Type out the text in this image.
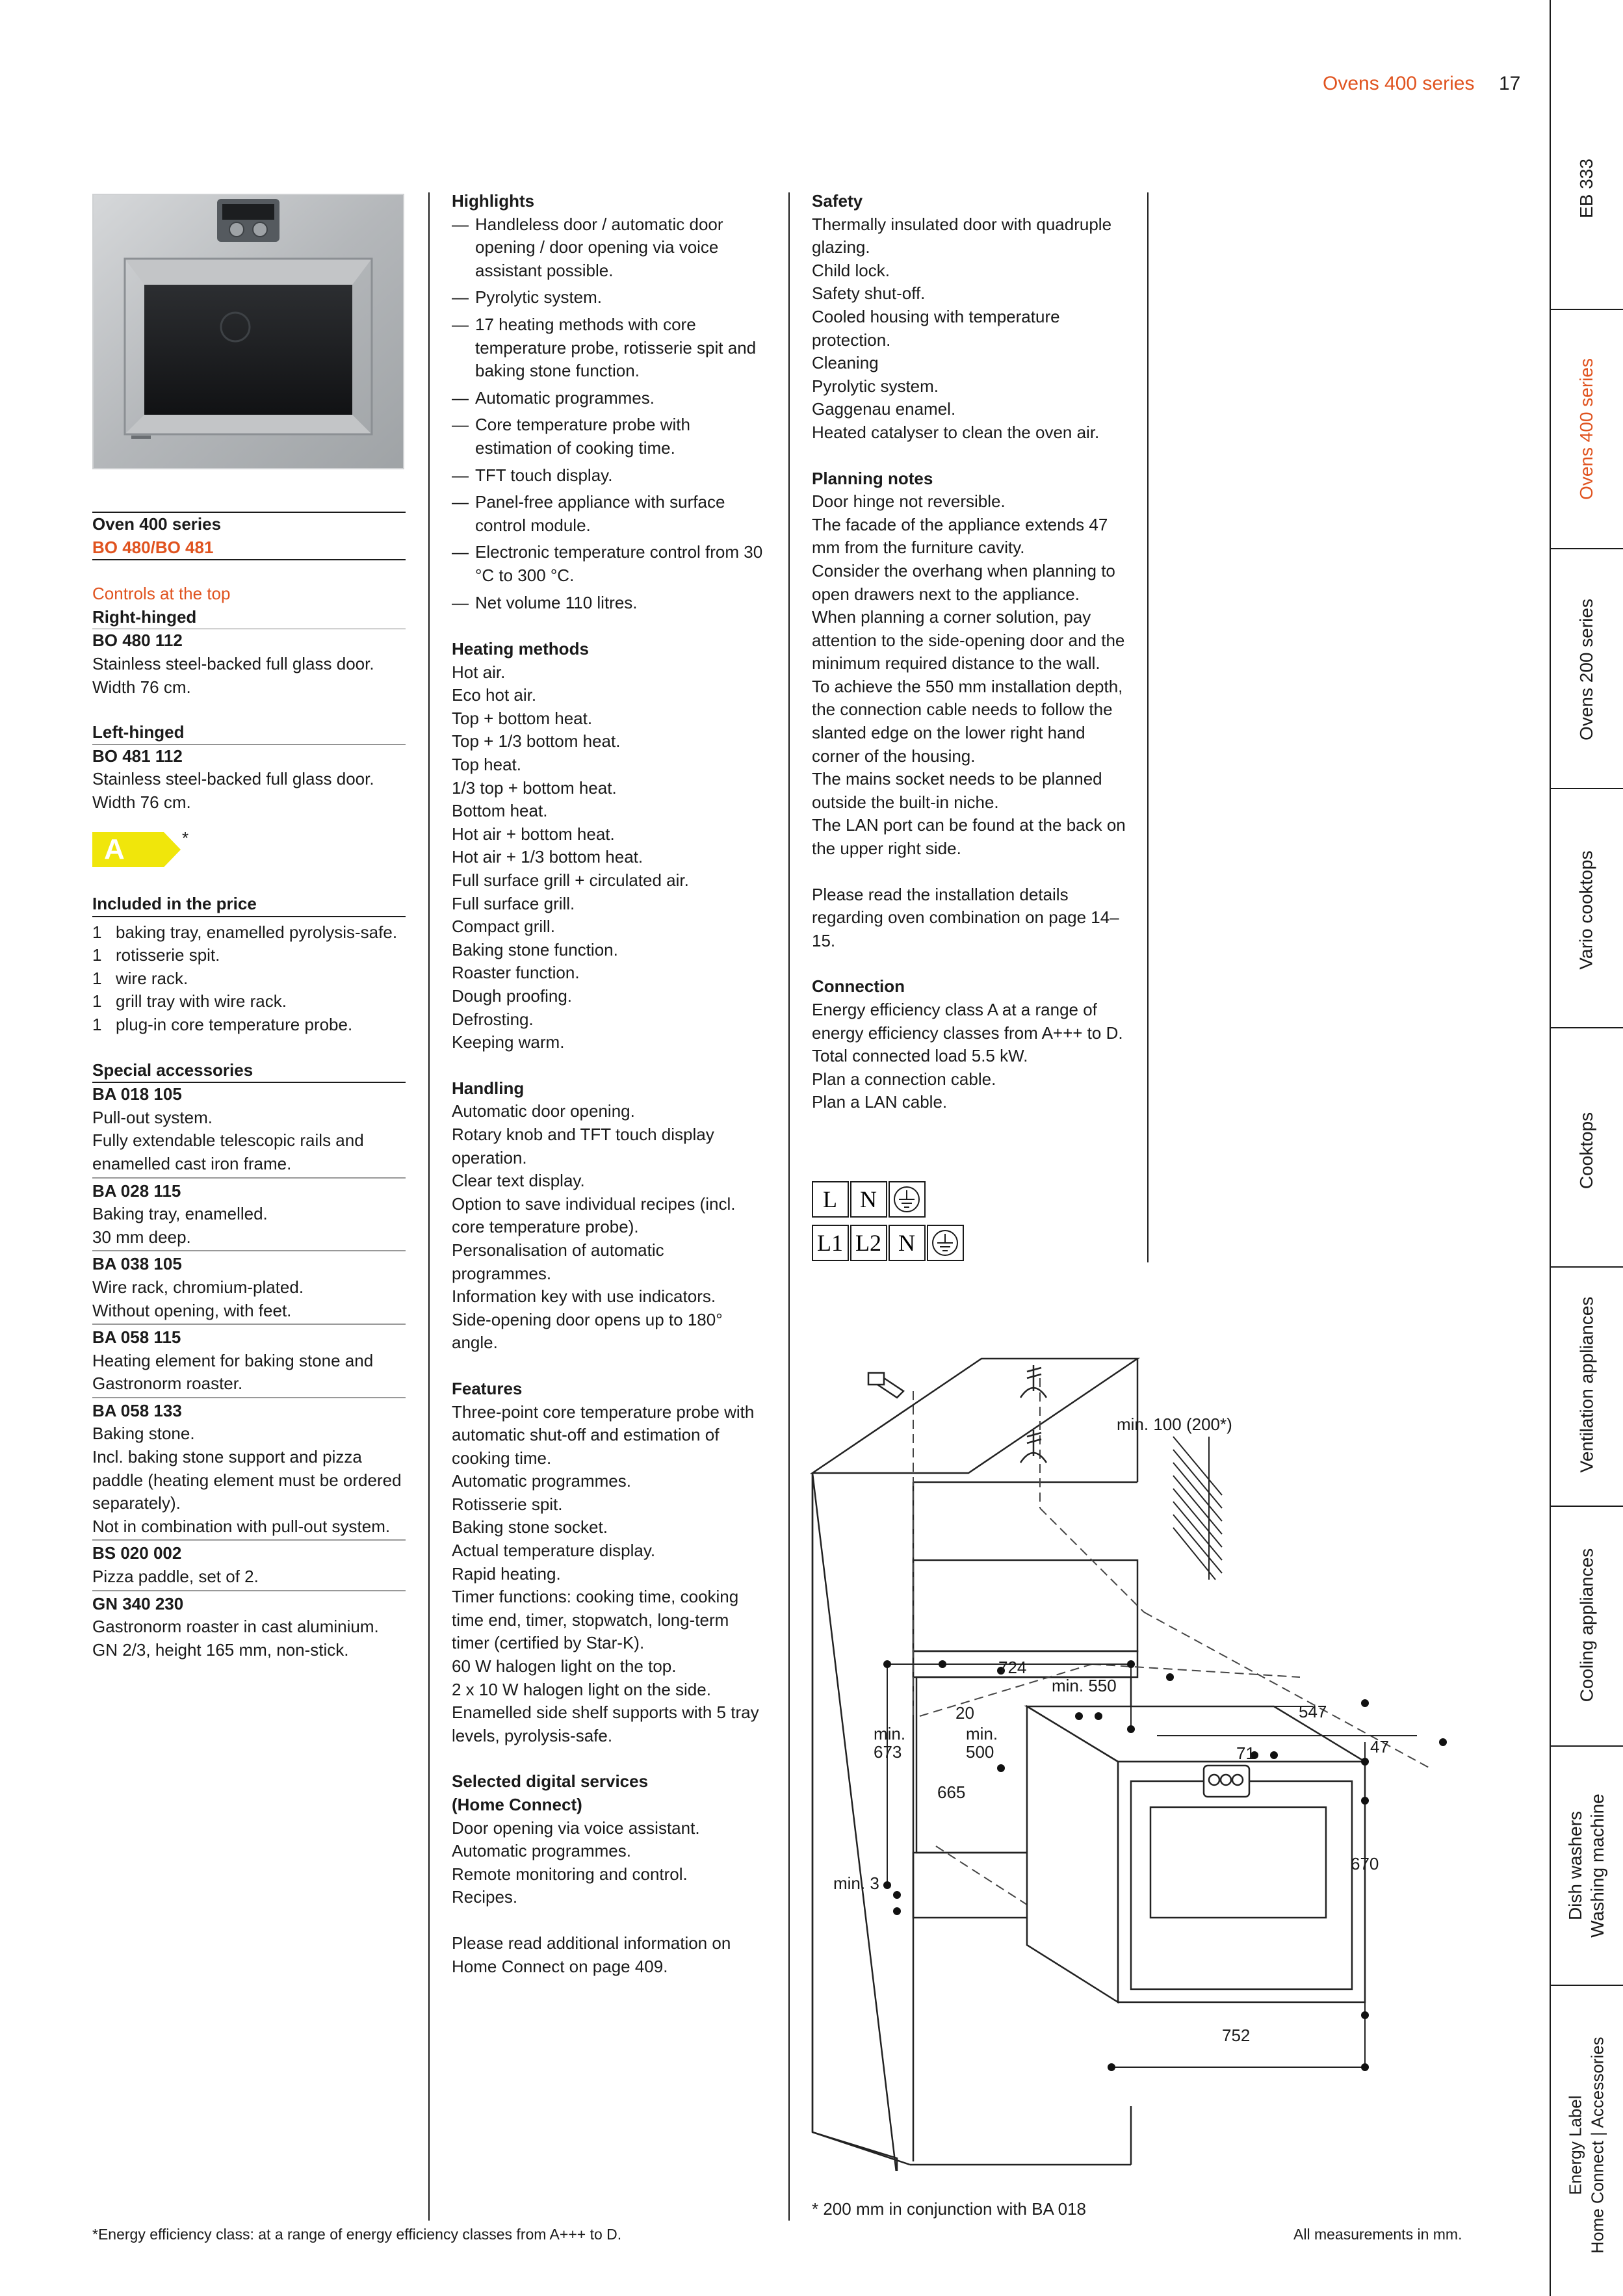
Ovens 400 series 17
EB 333
Ovens 400 series
Ovens 200 series
Vario cooktops
Cooktops
Ventilation appliances
Cooling appliances
Dish washers Washing machine
Energy Label Home Connect | Accessories

Oven 400 series

BO 480/BO 481

Controls at the top

Right-hinged

BO 480 112

Stainless steel-backed full glass door.

Width 76 cm.

Left-hinged

BO 481 112

Stainless steel-backed full glass door.

Width 76 cm.

A	*

Included in the price

1 baking tray, enamelled pyrolysis-safe.
1 rotisserie spit.
1 wire rack.
1 grill tray with wire rack.
1 plug-in core temperature probe.

Special accessories

BA 018 105

Pull-out system.

Fully extendable telescopic rails and enamelled cast iron frame.

BA 028 115

Baking tray, enamelled.

30 mm deep.

BA 038 105

Wire rack, chromium-plated.

Without opening, with feet.

BA 058 115

Heating element for baking stone and Gastronorm roaster.

BA 058 133

Baking stone.

Incl. baking stone support and pizza paddle (heating element must be ordered separately).

Not in combination with pull-out system.

BS 020 002

Pizza paddle, set of 2.

GN 340 230

Gastronorm roaster in cast aluminium. GN 2/3, height 165 mm, non-stick.

Highlights

— Handleless door / automatic door opening / door opening via voice assistant possible.
— Pyrolytic system.
— 17 heating methods with core temperature probe, rotisserie spit and baking stone function.
— Automatic programmes.
— Core temperature probe with estimation of cooking time.
— TFT touch display.
— Panel-free appliance with surface control module.
— Electronic temperature control from 30 °C to 300 °C.
— Net volume 110 litres.

Heating methods

Hot air.

Eco hot air.

Top + bottom heat.

Top + 1/3 bottom heat.

Top heat.

1/3 top + bottom heat.

Bottom heat.

Hot air + bottom heat.

Hot air + 1/3 bottom heat.

Full surface grill + circulated air.

Full surface grill.

Compact grill.

Baking stone function.

Roaster function.

Dough proofing.

Defrosting.

Keeping warm.

Handling

Automatic door opening.

Rotary knob and TFT touch display operation.

Clear text display.

Option to save individual recipes (incl. core temperature probe).

Personalisation of automatic programmes.

Information key with use indicators.

Side-opening door opens up to 180° angle.

Features

Three-point core temperature probe with automatic shut-off and estimation of cooking time.

Automatic programmes.

Rotisserie spit.

Baking stone socket.

Actual temperature display.

Rapid heating.

Timer functions: cooking time, cooking time end, timer, stopwatch, long-term timer (certified by Star-K).

60 W halogen light on the top.

2 x 10 W halogen light on the side.

Enamelled side shelf supports with 5 tray levels, pyrolysis-safe.

Selected digital services

(Home Connect)

Door opening via voice assistant.

Automatic programmes.

Remote monitoring and control.

Recipes.

Please read additional information on Home Connect on page 409.

Safety

Thermally insulated door with quadruple glazing.

Child lock.

Safety shut-off.

Cooled housing with temperature protection.

Cleaning

Pyrolytic system.

Gaggenau enamel.

Heated catalyser to clean the oven air.

Planning notes

Door hinge not reversible.

The facade of the appliance extends 47 mm from the furniture cavity.

Consider the overhang when planning to open drawers next to the appliance.

When planning a corner solution, pay attention to the side-opening door and the minimum required distance to the wall.

To achieve the 550 mm installation depth, the connection cable needs to follow the slanted edge on the lower right hand corner of the housing.

The mains socket needs to be planned outside the built-in niche.

The LAN port can be found at the back on the upper right side.

Please read the installation details regarding oven combination on page 14–15.

Connection

Energy efficiency class A at a range of energy efficiency classes from A+++ to D.

Total connected load 5.5 kW.

Plan a connection cable.

Plan a LAN cable.

L N
L1 L2 N
min. 100 (200*)
724
min. 550
547
47
20
min.
500
min.
673
665
71
670
min. 3
752
* 200 mm in conjunction with BA 018
*Energy efficiency class: at a range of energy efficiency classes from A+++ to D.	All measurements in mm.
